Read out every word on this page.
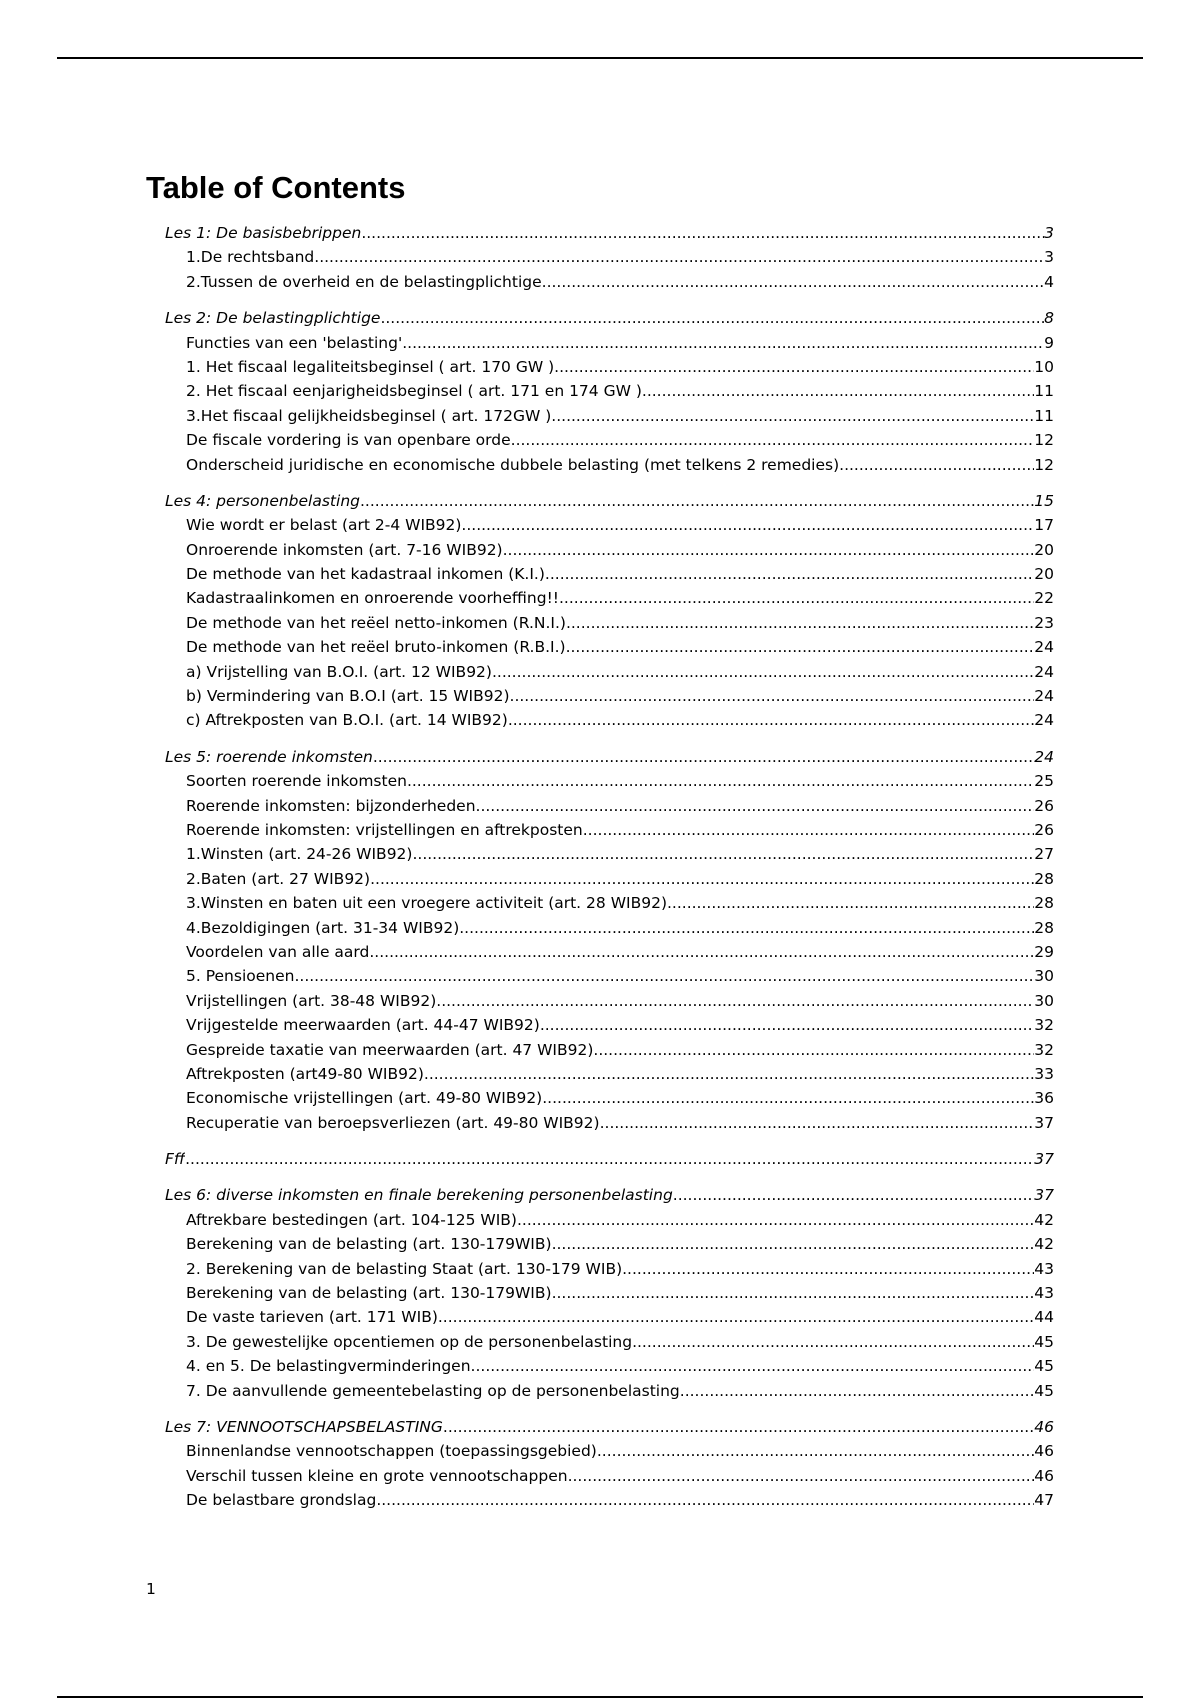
Table of Contents
Les 1: De basisbebrippen .....	3
1.De rechtsband .....	3
2.Tussen de overheid en de belastingplichtige .....	4
Les 2: De belastingplichtige .....	8
Functies van een 'belasting' .....	9
1. Het fiscaal legaliteitsbeginsel ( art. 170 GW ) .....	10
2. Het fiscaal eenjarigheidsbeginsel ( art. 171 en 174 GW ) .....	11
3.Het fiscaal gelijkheidsbeginsel ( art. 172GW ) .....	11
De fiscale vordering is van openbare orde .....	12
Onderscheid juridische en economische dubbele belasting (met telkens 2 remedies) .....	12
Les 4: personenbelasting .....	15
Wie wordt er belast (art 2-4 WIB92) .....	17
Onroerende inkomsten (art. 7-16 WIB92) .....	20
De methode van het kadastraal inkomen (K.I.) .....	20
Kadastraalinkomen en onroerende voorheffing!! .....	22
De methode van het reëel netto-inkomen (R.N.I.) .....	23
De methode van het reëel bruto-inkomen (R.B.I.) .....	24
a) Vrijstelling van B.O.I. (art. 12 WIB92) .....	24
b) Vermindering van B.O.I (art. 15 WIB92) .....	24
c) Aftrekposten van B.O.I. (art. 14 WIB92) .....	24
Les 5: roerende inkomsten .....	24
Soorten roerende inkomsten .....	25
Roerende inkomsten: bijzonderheden .....	26
Roerende inkomsten: vrijstellingen en aftrekposten .....	26
1.Winsten (art. 24-26 WIB92) .....	27
2.Baten (art. 27 WIB92) .....	28
3.Winsten en baten uit een vroegere activiteit (art. 28 WIB92) .....	28
4.Bezoldigingen (art. 31-34 WIB92) .....	28
Voordelen van alle aard .....	29
5. Pensioenen .....	30
Vrijstellingen (art. 38-48 WIB92) .....	30
Vrijgestelde meerwaarden (art. 44-47 WIB92) .....	32
Gespreide taxatie van meerwaarden (art. 47 WIB92) .....	32
Aftrekposten (art49-80 WIB92) .....	33
Economische vrijstellingen (art. 49-80 WIB92) .....	36
Recuperatie van beroepsverliezen (art. 49-80 WIB92) .....	37
Fff .....	37
Les 6: diverse inkomsten en finale berekening personenbelasting .....	37
Aftrekbare bestedingen (art. 104-125 WIB) .....	42
Berekening van de belasting (art. 130-179WIB) .....	42
2. Berekening van de belasting Staat (art. 130-179 WIB) .....	43
Berekening van de belasting (art. 130-179WIB) .....	43
De vaste tarieven (art. 171 WIB) .....	44
3. De gewestelijke opcentiemen op de personenbelasting .....	45
4. en 5. De belastingverminderingen .....	45
7. De aanvullende gemeentebelasting op de personenbelasting .....	45
Les 7: VENNOOTSCHAPSBELASTING .....	46
Binnenlandse vennootschappen (toepassingsgebied) .....	46
Verschil tussen kleine en grote vennootschappen .....	46
De belastbare grondslag .....	47
1
